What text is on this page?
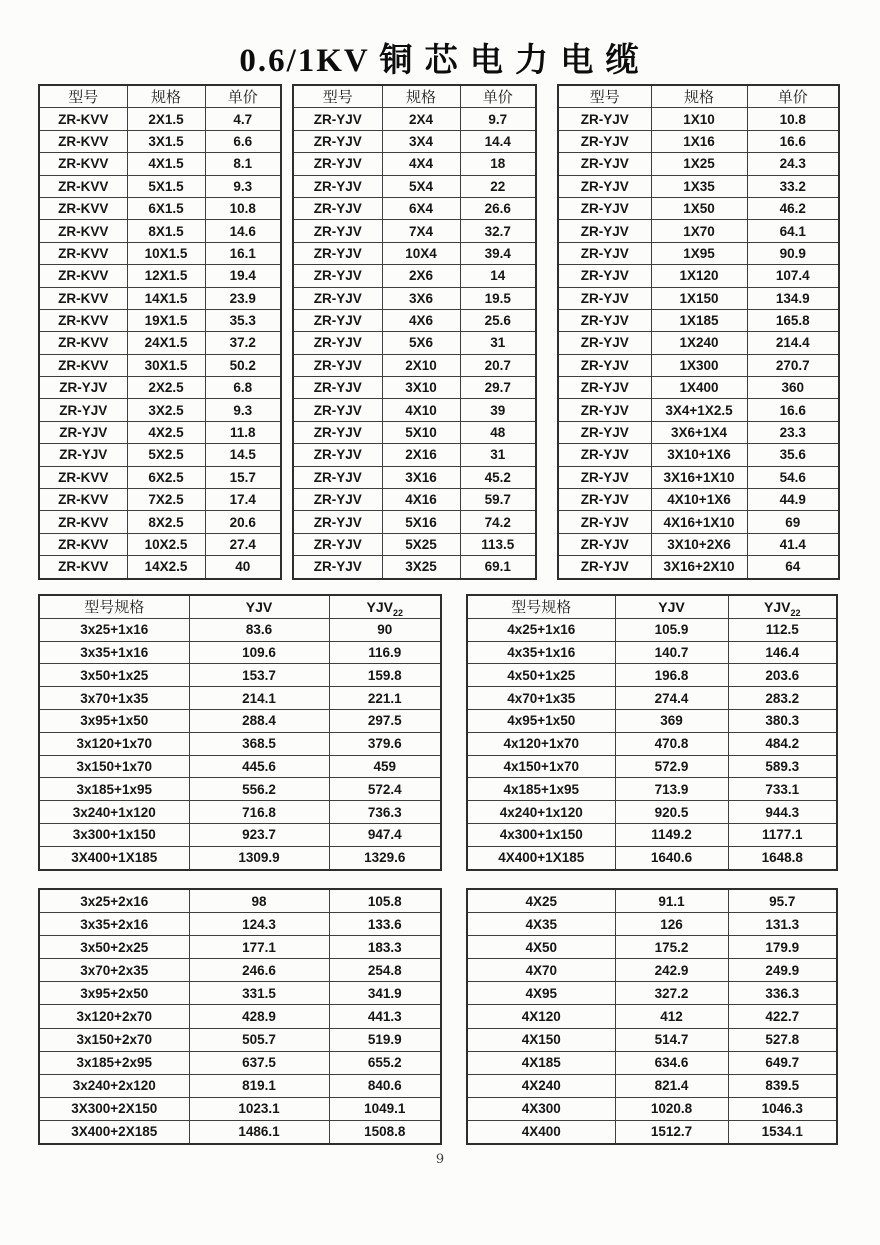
0.6/1KV 铜 芯 电 力 电 缆
型号	规格	单价
ZR-KVV	2X1.5	4.7
ZR-KVV	3X1.5	6.6
ZR-KVV	4X1.5	8.1
ZR-KVV	5X1.5	9.3
ZR-KVV	6X1.5	10.8
ZR-KVV	8X1.5	14.6
ZR-KVV	10X1.5	16.1
ZR-KVV	12X1.5	19.4
ZR-KVV	14X1.5	23.9
ZR-KVV	19X1.5	35.3
ZR-KVV	24X1.5	37.2
ZR-KVV	30X1.5	50.2
ZR-YJV	2X2.5	6.8
ZR-YJV	3X2.5	9.3
ZR-YJV	4X2.5	11.8
ZR-YJV	5X2.5	14.5
ZR-KVV	6X2.5	15.7
ZR-KVV	7X2.5	17.4
ZR-KVV	8X2.5	20.6
ZR-KVV	10X2.5	27.4
ZR-KVV	14X2.5	40
型号	规格	单价
ZR-YJV	2X4	9.7
ZR-YJV	3X4	14.4
ZR-YJV	4X4	18
ZR-YJV	5X4	22
ZR-YJV	6X4	26.6
ZR-YJV	7X4	32.7
ZR-YJV	10X4	39.4
ZR-YJV	2X6	14
ZR-YJV	3X6	19.5
ZR-YJV	4X6	25.6
ZR-YJV	5X6	31
ZR-YJV	2X10	20.7
ZR-YJV	3X10	29.7
ZR-YJV	4X10	39
ZR-YJV	5X10	48
ZR-YJV	2X16	31
ZR-YJV	3X16	45.2
ZR-YJV	4X16	59.7
ZR-YJV	5X16	74.2
ZR-YJV	5X25	113.5
ZR-YJV	3X25	69.1
型号	规格	单价
ZR-YJV	1X10	10.8
ZR-YJV	1X16	16.6
ZR-YJV	1X25	24.3
ZR-YJV	1X35	33.2
ZR-YJV	1X50	46.2
ZR-YJV	1X70	64.1
ZR-YJV	1X95	90.9
ZR-YJV	1X120	107.4
ZR-YJV	1X150	134.9
ZR-YJV	1X185	165.8
ZR-YJV	1X240	214.4
ZR-YJV	1X300	270.7
ZR-YJV	1X400	360
ZR-YJV	3X4+1X2.5	16.6
ZR-YJV	3X6+1X4	23.3
ZR-YJV	3X10+1X6	35.6
ZR-YJV	3X16+1X10	54.6
ZR-YJV	4X10+1X6	44.9
ZR-YJV	4X16+1X10	69
ZR-YJV	3X10+2X6	41.4
ZR-YJV	3X16+2X10	64
型号规格	YJV	$YJV_{22}$
3x25+1x16	83.6	90
3x35+1x16	109.6	116.9
3x50+1x25	153.7	159.8
3x70+1x35	214.1	221.1
3x95+1x50	288.4	297.5
3x120+1x70	368.5	379.6
3x150+1x70	445.6	459
3x185+1x95	556.2	572.4
3x240+1x120	716.8	736.3
3x300+1x150	923.7	947.4
3X400+1X185	1309.9	1329.6
型号规格	YJV	$YJV_{22}$
4x25+1x16	105.9	112.5
4x35+1x16	140.7	146.4
4x50+1x25	196.8	203.6
4x70+1x35	274.4	283.2
4x95+1x50	369	380.3
4x120+1x70	470.8	484.2
4x150+1x70	572.9	589.3
4x185+1x95	713.9	733.1
4x240+1x120	920.5	944.3
4x300+1x150	1149.2	1177.1
4X400+1X185	1640.6	1648.8
3x25+2x16	98	105.8
3x35+2x16	124.3	133.6
3x50+2x25	177.1	183.3
3x70+2x35	246.6	254.8
3x95+2x50	331.5	341.9
3x120+2x70	428.9	441.3
3x150+2x70	505.7	519.9
3x185+2x95	637.5	655.2
3x240+2x120	819.1	840.6
3X300+2X150	1023.1	1049.1
3X400+2X185	1486.1	1508.8
4X25	91.1	95.7
4X35	126	131.3
4X50	175.2	179.9
4X70	242.9	249.9
4X95	327.2	336.3
4X120	412	422.7
4X150	514.7	527.8
4X185	634.6	649.7
4X240	821.4	839.5
4X300	1020.8	1046.3
4X400	1512.7	1534.1
9
